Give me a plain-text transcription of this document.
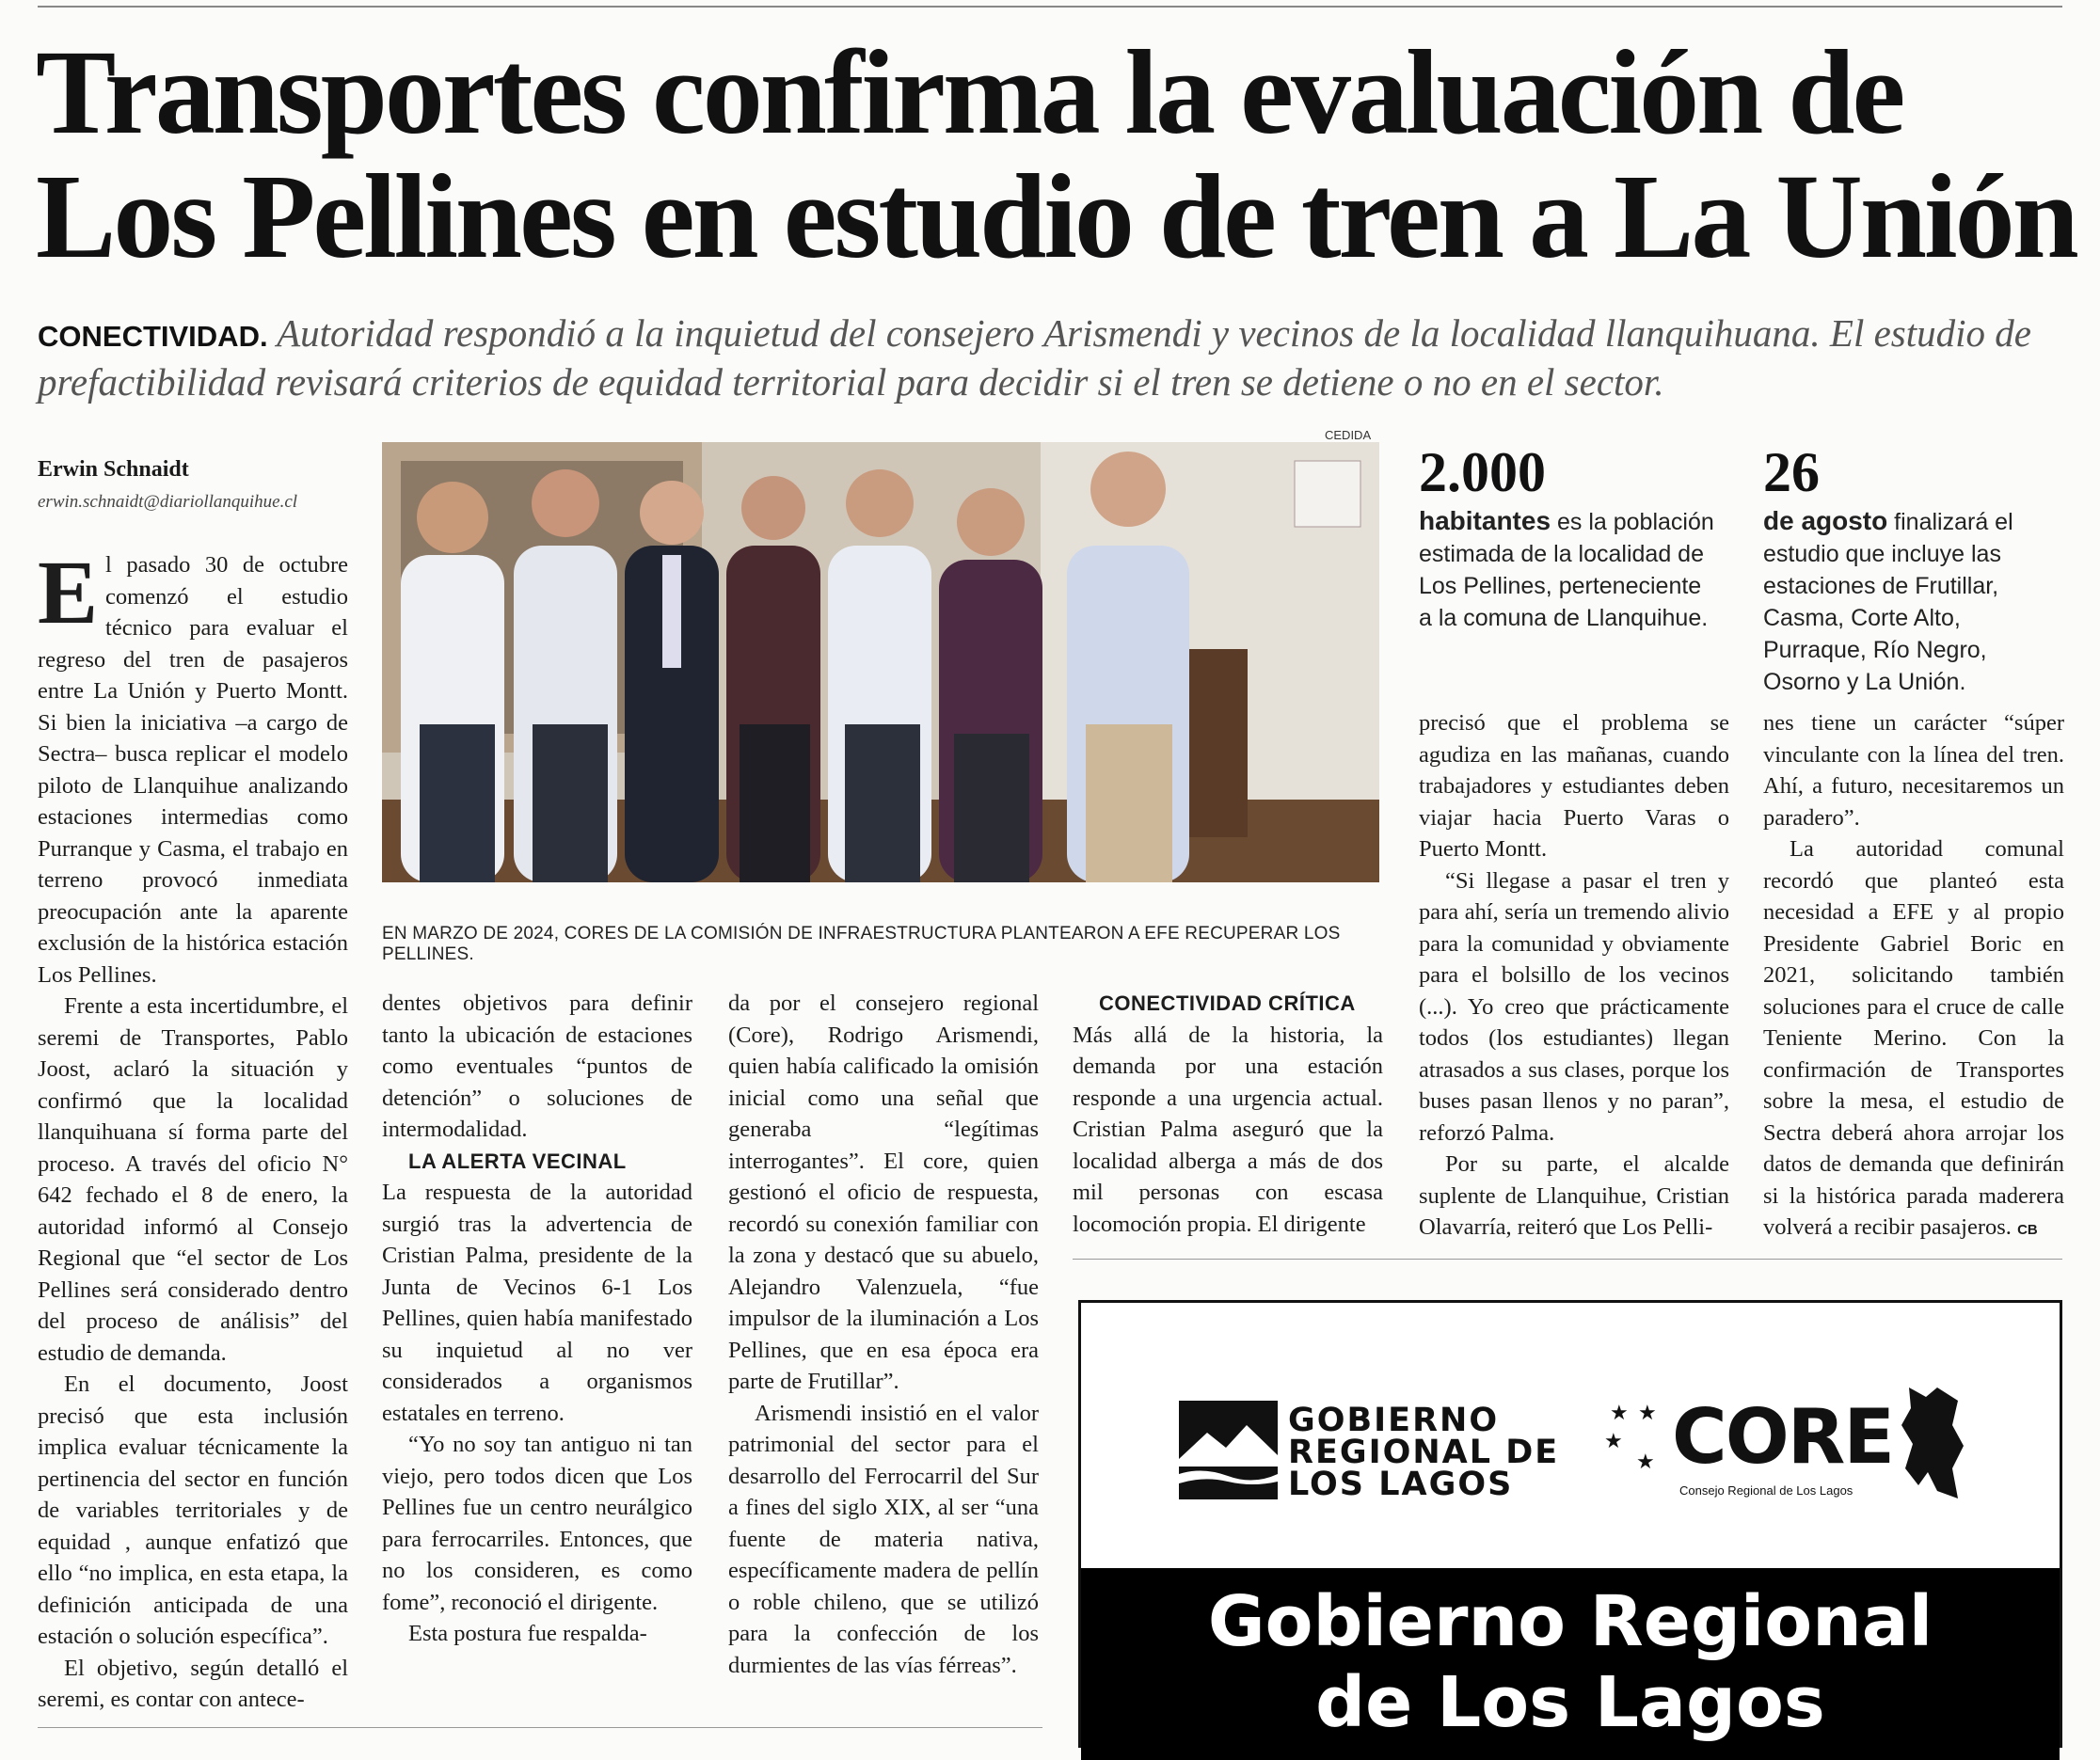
Transportes confirma la evaluación de Los Pellines en estudio de tren a La Unión
CONECTIVIDAD. Autoridad respondió a la inquietud del consejero Arismendi y vecinos de la localidad llanquihuana. El estudio de prefactibilidad revisará criterios de equidad territorial para decidir si el tren se detiene o no en el sector.
Erwin Schnaidt
erwin.schnaidt@diariollanquihue.cl

El pasado 30 de octubre comenzó el estudio técnico para evaluar el regreso del tren de pasajeros entre La Unión y Puerto Montt. Si bien la iniciativa –a cargo de Sectra– busca replicar el modelo piloto de Llanquihue analizando estaciones intermedias como Purranque y Casma, el trabajo en terreno provocó inmediata preocupación ante la aparente exclusión de la histórica estación Los Pellines.

Frente a esta incertidumbre, el seremi de Transportes, Pablo Joost, aclaró la situación y confirmó que la localidad llanquihuana sí forma parte del proceso. A través del oficio N° 642 fechado el 8 de enero, la autoridad informó al Consejo Regional que “el sector de Los Pellines será considerado dentro del proceso de análisis” del estudio de demanda.

En el documento, Joost precisó que esta inclusión implica evaluar técnicamente la pertinencia del sector en función de variables territoriales y de equidad , aunque enfatizó que ello “no implica, en esta etapa, la definición anticipada de una estación o solución específica”.

El objetivo, según detalló el seremi, es contar con antece-

CEDIDA
EN MARZO DE 2024, CORES DE LA COMISIÓN DE INFRAESTRUCTURA PLANTEARON A EFE RECUPERAR LOS PELLINES.
2.000
habitantes es la población estimada de la localidad de Los Pellines, perteneciente a la comuna de Llanquihue.
26
de agosto finalizará el estudio que incluye las estaciones de Frutillar, Casma, Corte Alto, Purraque, Río Negro, Osorno y La Unión.

dentes objetivos para definir tanto la ubicación de estaciones como eventuales “puntos de detención” o soluciones de intermodalidad.

LA ALERTA VECINAL

La respuesta de la autoridad surgió tras la advertencia de Cristian Palma, presidente de la Junta de Vecinos 6-1 Los Pellines, quien había manifestado su inquietud al no ver considerados a organismos estatales en terreno.

“Yo no soy tan antiguo ni tan viejo, pero todos dicen que Los Pellines fue un centro neurálgico para ferrocarriles. Entonces, que no los consideren, es como fome”, reconoció el dirigente.

Esta postura fue respalda-

da por el consejero regional (Core), Rodrigo Arismendi, quien había calificado la omisión inicial como una señal que generaba “legítimas interrogantes”. El core, quien gestionó el oficio de respuesta, recordó su conexión familiar con la zona y destacó que su abuelo, Alejandro Valenzuela, “fue impulsor de la iluminación a Los Pellines, que en esa época era parte de Frutillar”.

Arismendi insistió en el valor patrimonial del sector para el desarrollo del Ferrocarril del Sur a fines del siglo XIX, al ser “una fuente de materia nativa, específicamente madera de pellín o roble chileno, que se utilizó para la confección de los durmientes de las vías férreas”.

CONECTIVIDAD CRÍTICA

Más allá de la historia, la demanda por una estación responde a una urgencia actual. Cristian Palma aseguró que la localidad alberga a más de dos mil personas con escasa locomoción propia. El dirigente

precisó que el problema se agudiza en las mañanas, cuando trabajadores y estudiantes deben viajar hacia Puerto Varas o Puerto Montt.

“Si llegase a pasar el tren y para ahí, sería un tremendo alivio para la comunidad y obviamente para el bolsillo de los vecinos (...). Yo creo que prácticamente todos (los estudiantes) llegan atrasados a sus clases, porque los buses pasan llenos y no paran”, reforzó Palma.

Por su parte, el alcalde suplente de Llanquihue, Cristian Olavarría, reiteró que Los Pelli-

nes tiene un carácter “súper vinculante con la línea del tren. Ahí, a futuro, necesitaremos un paradero”.

La autoridad comunal recordó que planteó esta necesidad a EFE y al propio Presidente Gabriel Boric en 2021, solicitando también soluciones para el cruce de calle Teniente Merino. Con la confirmación de Transportes sobre la mesa, el estudio de Sectra deberá ahora arrojar los datos de demanda que definirán si la histórica parada maderera volverá a recibir pasajeros. CB

GOBIERNO
REGIONAL DE
LOS LAGOS
★ ★
★
★ CORE
Consejo Regional de Los Lagos
Gobierno Regional
de Los Lagos
